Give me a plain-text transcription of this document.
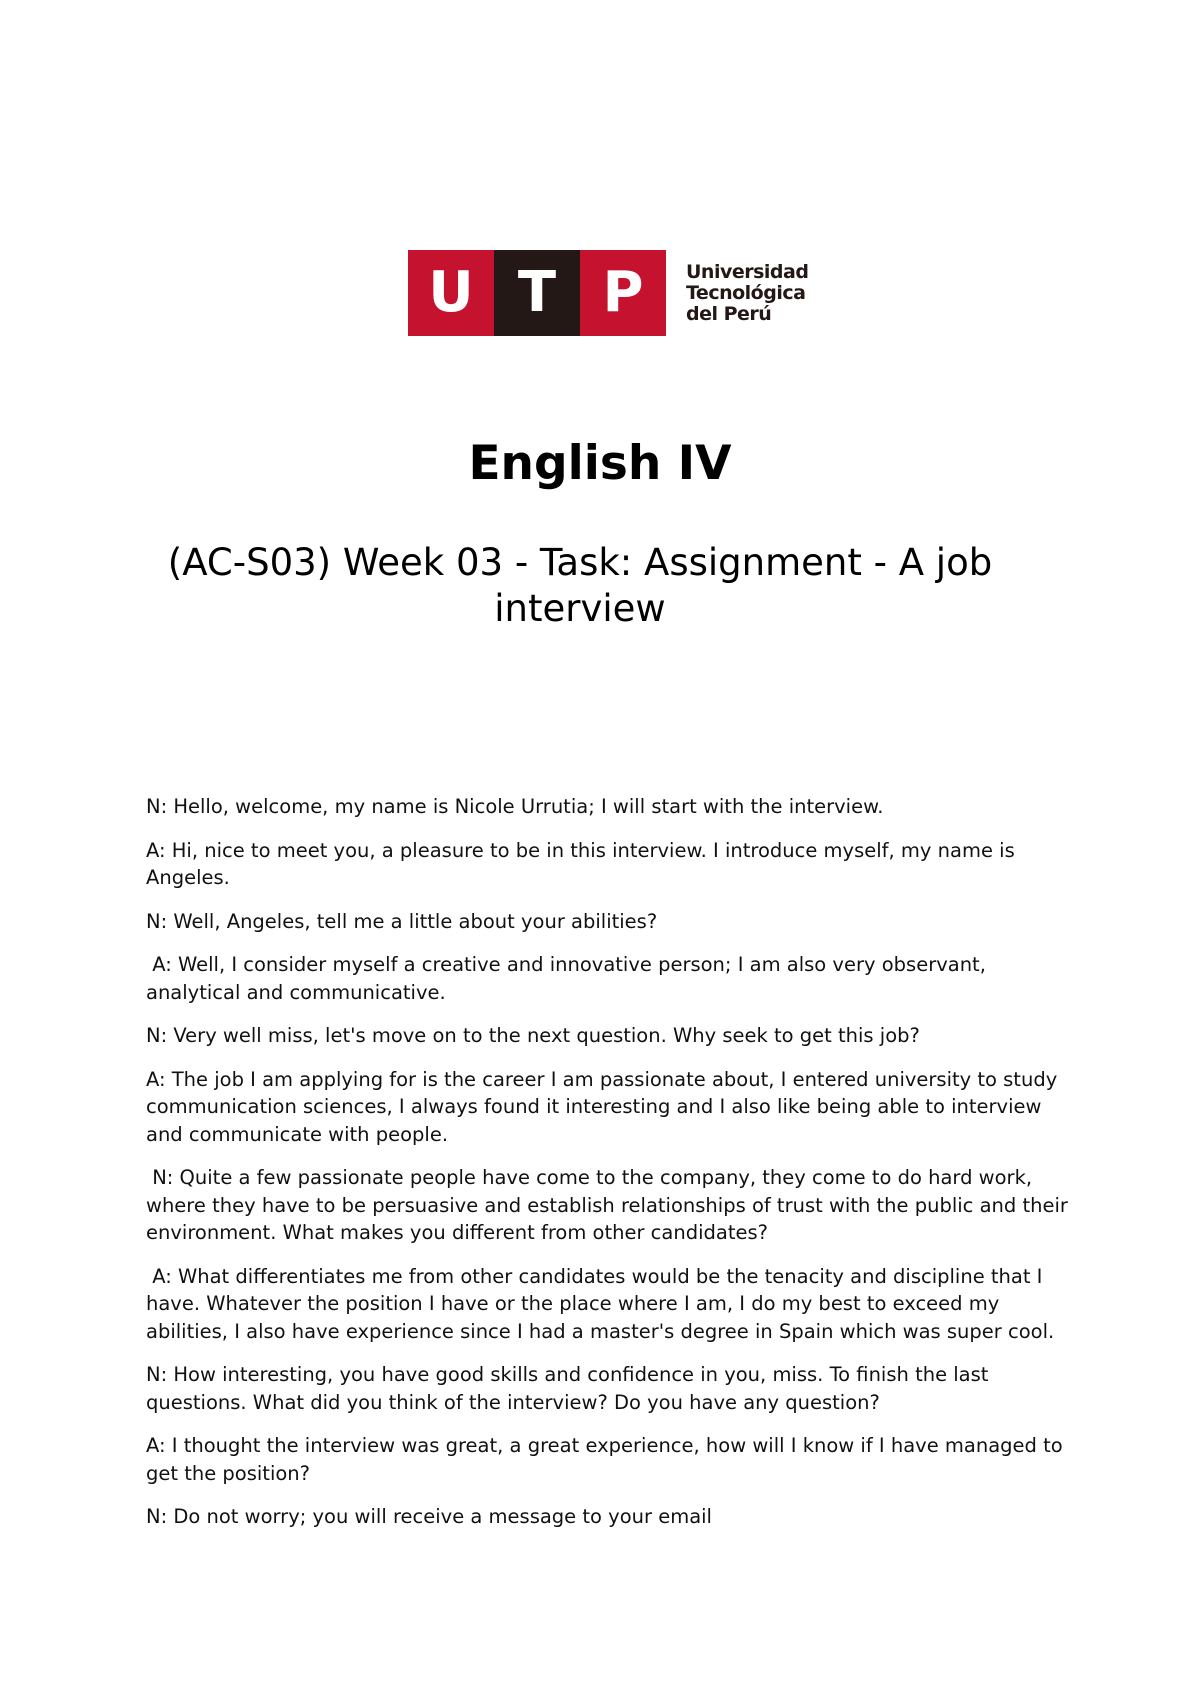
U T P	Universidad
Tecnológica
del Perú
English IV
(AC-S03) Week 03 - Task: Assignment - A job interview

N: Hello, welcome, my name is Nicole Urrutia; I will start with the interview.

A: Hi, nice to meet you, a pleasure to be in this interview. I introduce myself, my name is Angeles.

N: Well, Angeles, tell me a little about your abilities?

A: Well, I consider myself a creative and innovative person; I am also very observant, analytical and communicative.

N: Very well miss, let's move on to the next question. Why seek to get this job?

A: The job I am applying for is the career I am passionate about, I entered university to study communication sciences, I always found it interesting and I also like being able to interview and communicate with people.

N: Quite a few passionate people have come to the company, they come to do hard work, where they have to be persuasive and establish relationships of trust with the public and their environment. What makes you different from other candidates?

A: What differentiates me from other candidates would be the tenacity and discipline that I have. Whatever the position I have or the place where I am, I do my best to exceed my abilities, I also have experience since I had a master's degree in Spain which was super cool.

N: How interesting, you have good skills and confidence in you, miss. To finish the last questions. What did you think of the interview? Do you have any question?

A: I thought the interview was great, a great experience, how will I know if I have managed to get the position?

N: Do not worry; you will receive a message to your email
